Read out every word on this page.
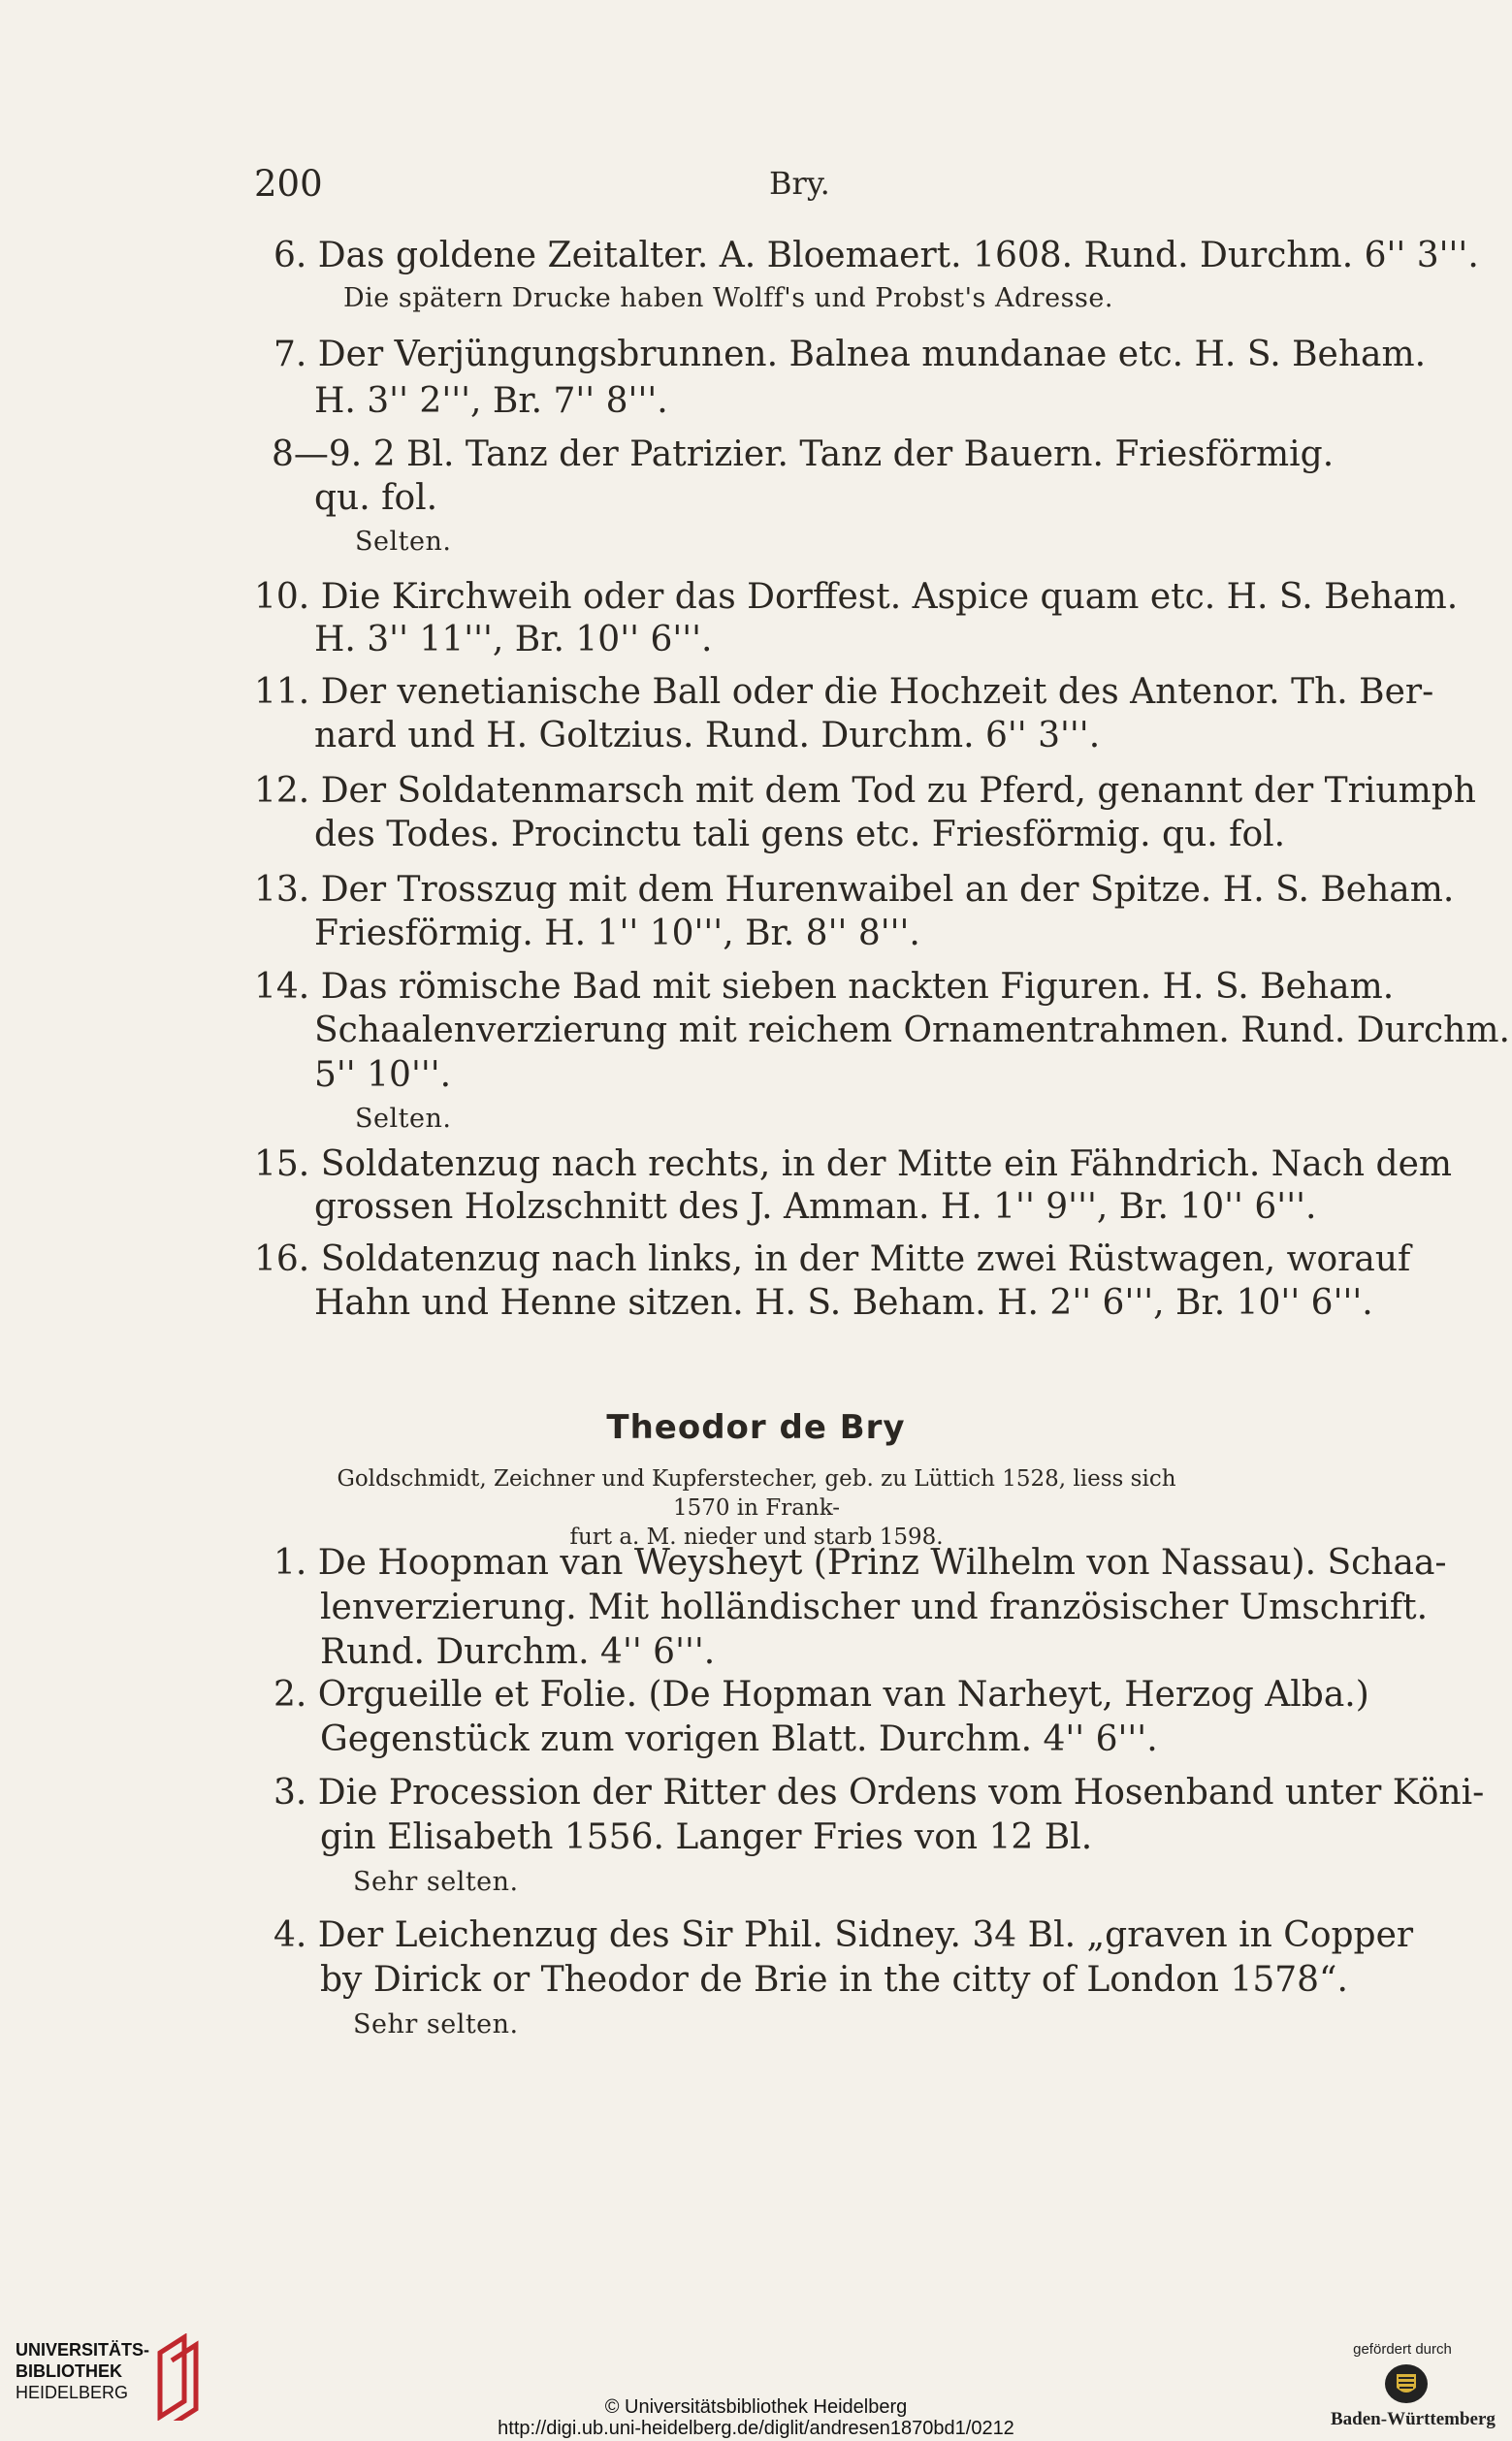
200	Bry.
6. Das goldene Zeitalter. A. Bloemaert. 1608. Rund. Durchm. 6'' 3'''.
Die spätern Drucke haben Wolff's und Probst's Adresse.
7. Der Verjüngungsbrunnen. Balnea mundanae etc. H. S. Beham.
H. 3'' 2''', Br. 7'' 8'''.
8—9. 2 Bl. Tanz der Patrizier. Tanz der Bauern. Friesförmig.
qu. fol.
Selten.
10. Die Kirchweih oder das Dorffest. Aspice quam etc. H. S. Beham.
H. 3'' 11''', Br. 10'' 6'''.
11. Der venetianische Ball oder die Hochzeit des Antenor. Th. Ber-
nard und H. Goltzius. Rund. Durchm. 6'' 3'''.
12. Der Soldatenmarsch mit dem Tod zu Pferd, genannt der Triumph
des Todes. Procinctu tali gens etc. Friesförmig. qu. fol.
13. Der Trosszug mit dem Hurenwaibel an der Spitze. H. S. Beham.
Friesförmig. H. 1'' 10''', Br. 8'' 8'''.
14. Das römische Bad mit sieben nackten Figuren. H. S. Beham.
Schaalenverzierung mit reichem Ornamentrahmen. Rund. Durchm.
5'' 10'''.
Selten.
15. Soldatenzug nach rechts, in der Mitte ein Fähndrich. Nach dem
grossen Holzschnitt des J. Amman. H. 1'' 9''', Br. 10'' 6'''.
16. Soldatenzug nach links, in der Mitte zwei Rüstwagen, worauf
Hahn und Henne sitzen. H. S. Beham. H. 2'' 6''', Br. 10'' 6'''.
Theodor de Bry
Goldschmidt, Zeichner und Kupferstecher, geb. zu Lüttich 1528, liess sich 1570 in Frank-
furt a. M. nieder und starb 1598.
1. De Hoopman van Weysheyt (Prinz Wilhelm von Nassau). Schaa-
lenverzierung. Mit holländischer und französischer Umschrift.
Rund. Durchm. 4'' 6'''.
2. Orgueille et Folie. (De Hopman van Narheyt, Herzog Alba.)
Gegenstück zum vorigen Blatt. Durchm. 4'' 6'''.
3. Die Procession der Ritter des Ordens vom Hosenband unter Köni-
gin Elisabeth 1556. Langer Fries von 12 Bl.
Sehr selten.
4. Der Leichenzug des Sir Phil. Sidney. 34 Bl. „graven in Copper
by Dirick or Theodor de Brie in the citty of London 1578“.
Sehr selten.
UNIVERSITÄTS-
BIBLIOTHEK
HEIDELBERG
© Universitätsbibliothek Heidelberg
http://digi.ub.uni-heidelberg.de/diglit/andresen1870bd1/0212
gefördert durch
Baden-Württemberg
